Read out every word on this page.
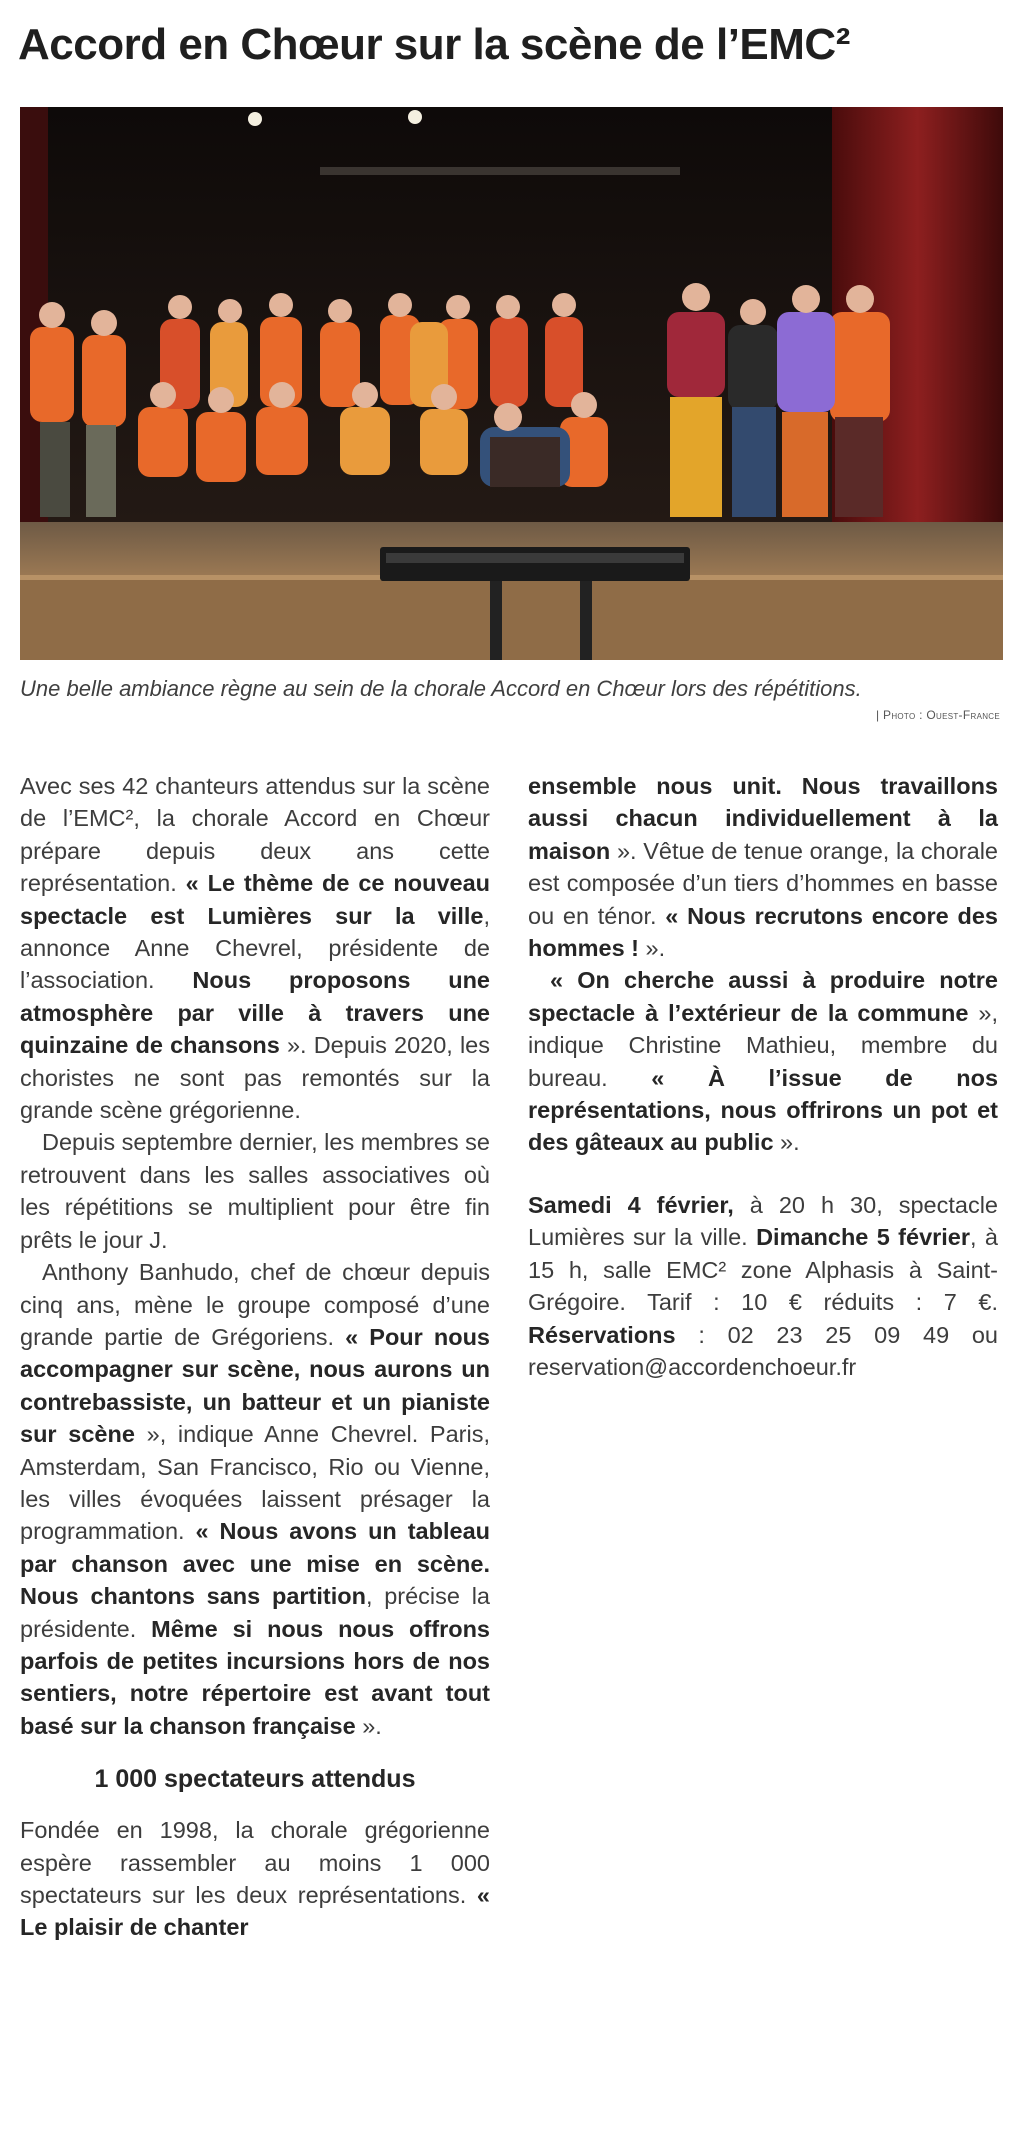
Accord en Chœur sur la scène de l’EMC²

Une belle ambiance règne au sein de la chorale Accord en Chœur lors des répétitions.

| Photo : Ouest-France

Avec ses 42 chanteurs attendus sur la scène de l’EMC², la chorale Accord en Chœur prépare depuis deux ans cette représentation. « Le thème de ce nouveau spectacle est Lumières sur la ville, annonce Anne Chevrel, présidente de l’association. Nous proposons une atmosphère par ville à travers une quinzaine de chansons ». Depuis 2020, les choristes ne sont pas remontés sur la grande scène grégorienne.

Depuis septembre dernier, les membres se retrouvent dans les salles associatives où les répétitions se multiplient pour être fin prêts le jour J.

Anthony Banhudo, chef de chœur depuis cinq ans, mène le groupe composé d’une grande partie de Grégoriens. « Pour nous accompagner sur scène, nous aurons un contrebassiste, un batteur et un pianiste sur scène », indique Anne Chevrel. Paris, Amsterdam, San Francisco, Rio ou Vienne, les villes évoquées laissent présager la programmation. « Nous avons un tableau par chanson avec une mise en scène. Nous chantons sans partition, précise la présidente. Même si nous nous offrons parfois de petites incursions hors de nos sentiers, notre répertoire est avant tout basé sur la chanson française ».

1 000 spectateurs attendus

Fondée en 1998, la chorale grégorienne espère rassembler au moins 1 000 spectateurs sur les deux représentations. « Le plaisir de chanter

ensemble nous unit. Nous travaillons aussi chacun individuellement à la maison ». Vêtue de tenue orange, la chorale est composée d’un tiers d’hommes en basse ou en ténor. « Nous recrutons encore des hommes ! ».

« On cherche aussi à produire notre spectacle à l’extérieur de la commune », indique Christine Mathieu, membre du bureau. « À l’issue de nos représentations, nous offrirons un pot et des gâteaux au public ».

Samedi 4 février, à 20 h 30, spectacle Lumières sur la ville. Dimanche 5 février, à 15 h, salle EMC² zone Alphasis à Saint-Grégoire. Tarif : 10 € réduits : 7 €. Réservations : 02 23 25 09 49 ou reservation@accordenchoeur.fr
